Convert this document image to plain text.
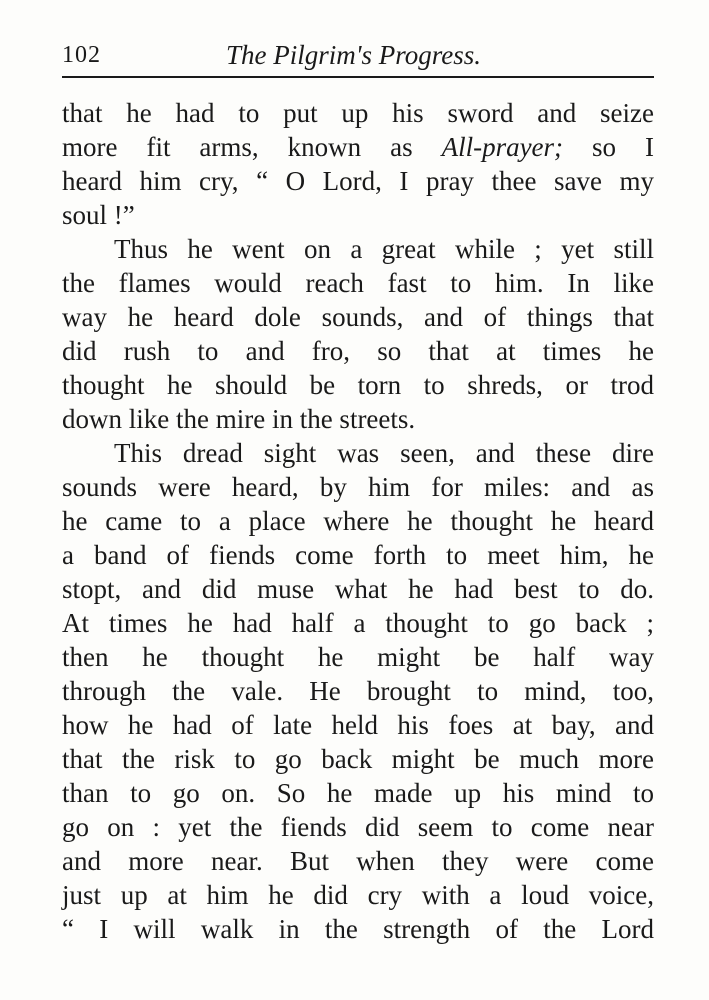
102	The Pilgrim's Progress.
that he had to put up his sword and seize
more fit arms, known as All-prayer; so I
heard him cry, “ O Lord, I pray thee save my
soul !”
Thus he went on a great while ; yet still
the flames would reach fast to him. In like
way he heard dole sounds, and of things that
did rush to and fro, so that at times he
thought he should be torn to shreds, or trod
down like the mire in the streets.
This dread sight was seen, and these dire
sounds were heard, by him for miles: and as
he came to a place where he thought he heard
a band of fiends come forth to meet him, he
stopt, and did muse what he had best to do.
At times he had half a thought to go back ;
then he thought he might be half way
through the vale. He brought to mind, too,
how he had of late held his foes at bay, and
that the risk to go back might be much more
than to go on. So he made up his mind to
go on : yet the fiends did seem to come near
and more near. But when they were come
just up at him he did cry with a loud voice,
“ I will walk in the strength of the Lord
